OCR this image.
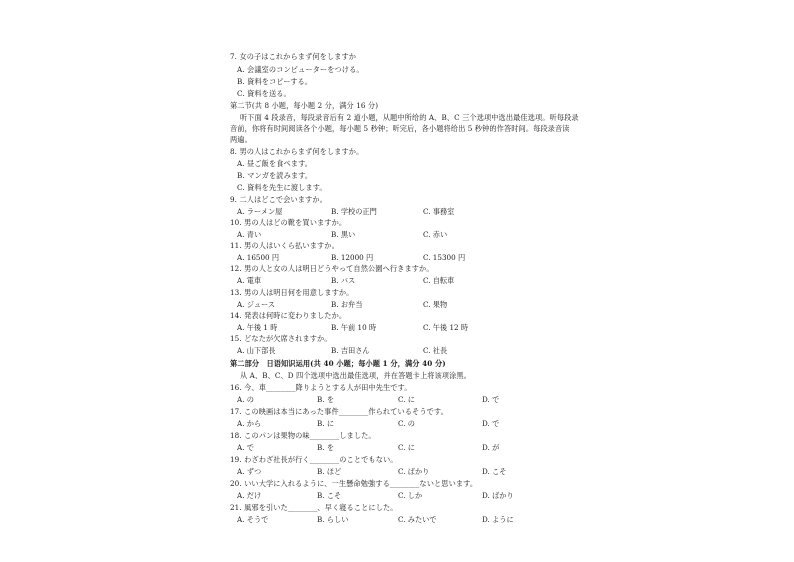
7. 女の子はこれからまず何をしますか
A. 会議室のコンピューターをつける。
B. 資料をコピーする。
C. 資料を送る。
第二节(共 8 小题，每小题 2 分，满分 16 分)
听下面 4 段录音，每段录音后有 2 道小题，从题中所给的 A、B、C 三个选项中选出最佳选项。听每段录
音前，你将有时间阅读各个小题，每小题 5 秒钟；听完后，各小题将给出 5 秒钟的作答时间。每段录音读
两遍。
8. 男の人はこれからまず何をしますか。
A. 昼ご飯を食べます。
B. マンガを読みます。
C. 資料を先生に渡します。
9. 二人はどこで会いますか。
A. ラーメン屋	B. 学校の正門	C. 事務室
10. 男の人はどの靴を買いますか。
A. 青い	B. 黒い	C. 赤い
11. 男の人はいくら払いますか。
A. 16500 円	B. 12000 円	C. 15300 円
12. 男の人と女の人は明日どうやって自然公園へ行きますか。
A. 電車	B. バス	C. 自転車
13. 男の人は明日何を用意しますか。
A. ジュース	B. お弁当	C. 果物
14. 発表は何時に変わりましたか。
A. 午後 1 時	B. 午前 10 時	C. 午後 12 時
15. どなたが欠席されますか。
A. 山下部長	B. 吉田さん	C. 社長
第二部分　日语知识运用(共 40 小题；每小题 1 分，满分 40 分)
从 A、B、C、D 四个选项中选出最佳选项，并在答题卡上将该项涂黑。
16. 今、車________降りようとする人が田中先生です。
A. の	B. を	C. に	D. で
17. この映画は本当にあった事件________作られているそうです。
A. から	B. に	C. の	D. で
18. このパンは果物の味________しました。
A. で	B. を	C. に	D. が
19. わざわざ社長が行く________のことでもない。
A. ずつ	B. ほど	C. ばかり	D. こそ
20. いい大学に入れるように、一生懸命勉強する________ないと思います。
A. だけ	B. こそ	C. しか	D. ばかり
21. 風邪を引いた________、早く寝ることにした。
A. そうで	B. らしい	C. みたいで	D. ように
